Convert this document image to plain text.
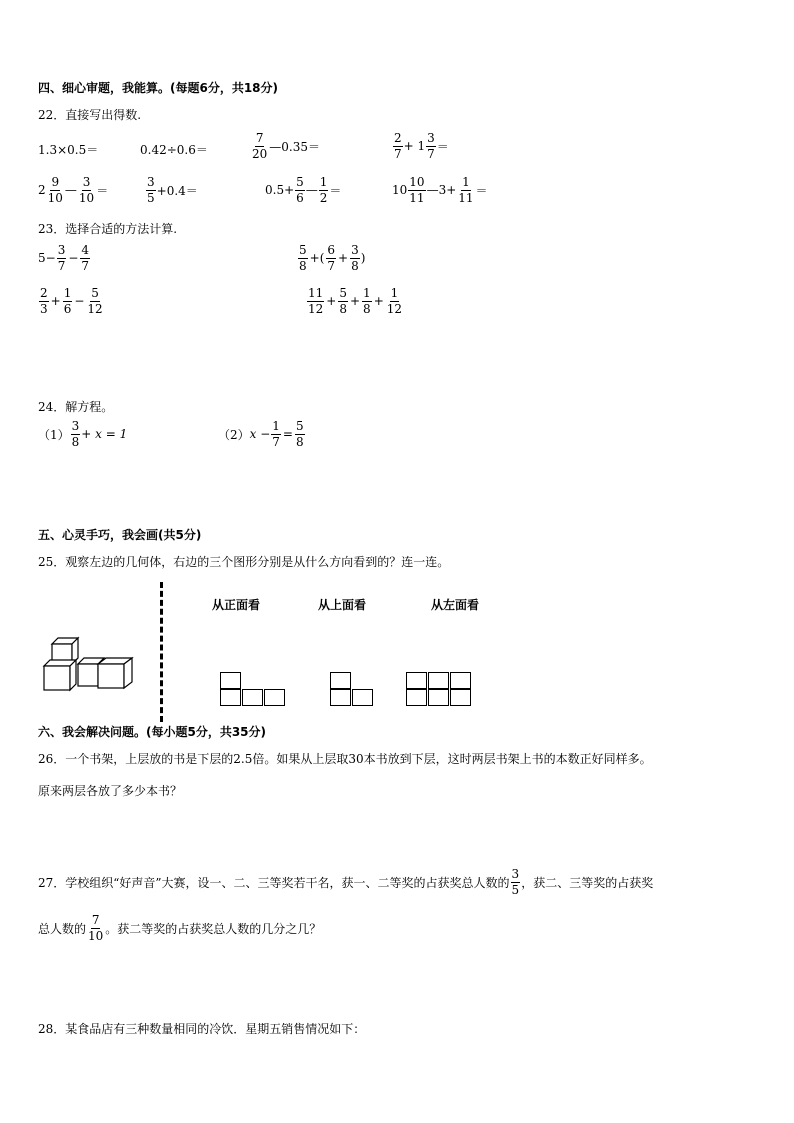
四、细心审题，我能算。(每题6分，共18分)
22．直接写出得数.
1.3×0.5＝	0.42÷0.6＝	$\frac{7}{20}$ —0.35＝	$\frac{2}{7} + 1 \frac{3}{7}$ ＝
$2 \frac{9}{10}$ — $\frac{3}{10}$ ＝	$\frac{3}{5} +0.4=$	$0.5+ \frac{5}{6}$ — $\frac{1}{2}$ ＝	$10 \frac{10}{11}$ —3+ $\frac{1}{11}$ ＝
23．选择合适的方法计算.
$5- \frac{3}{7} - \frac{4}{7}$	$\frac{5}{8}$ +( $\frac{6}{7} + \frac{3}{8}$ )
$\frac{2}{3} + \frac{1}{6} - \frac{5}{12}$	$\frac{11}{12} + \frac{5}{8} + \frac{1}{8} + \frac{1}{12}$
24．解方程。
$(1) \frac{3}{8} + x = 1$	（2） $x - \frac{1}{7} = \frac{5}{8}$
五、心灵手巧，我会画(共5分)
25．观察左边的几何体，右边的三个图形分别是从什么方向看到的？连一连。
从正面看	从上面看	从左面看
六、我会解决问题。(每小题5分，共35分)
26．一个书架，上层放的书是下层的2.5倍。如果从上层取30本书放到下层，这时两层书架上书的本数正好同样多。
原来两层各放了多少本书？
27．学校组织“好声音”大赛，设一、二、三等奖若干名，获一、二等奖的占获奖总人数的 $\frac{3}{5}$ ，获二、三等奖的占获奖
总人数的 $\frac{7}{10}$ 。获二等奖的占获奖总人数的几分之几？
28．某食品店有三种数量相同的冷饮．星期五销售情况如下：
